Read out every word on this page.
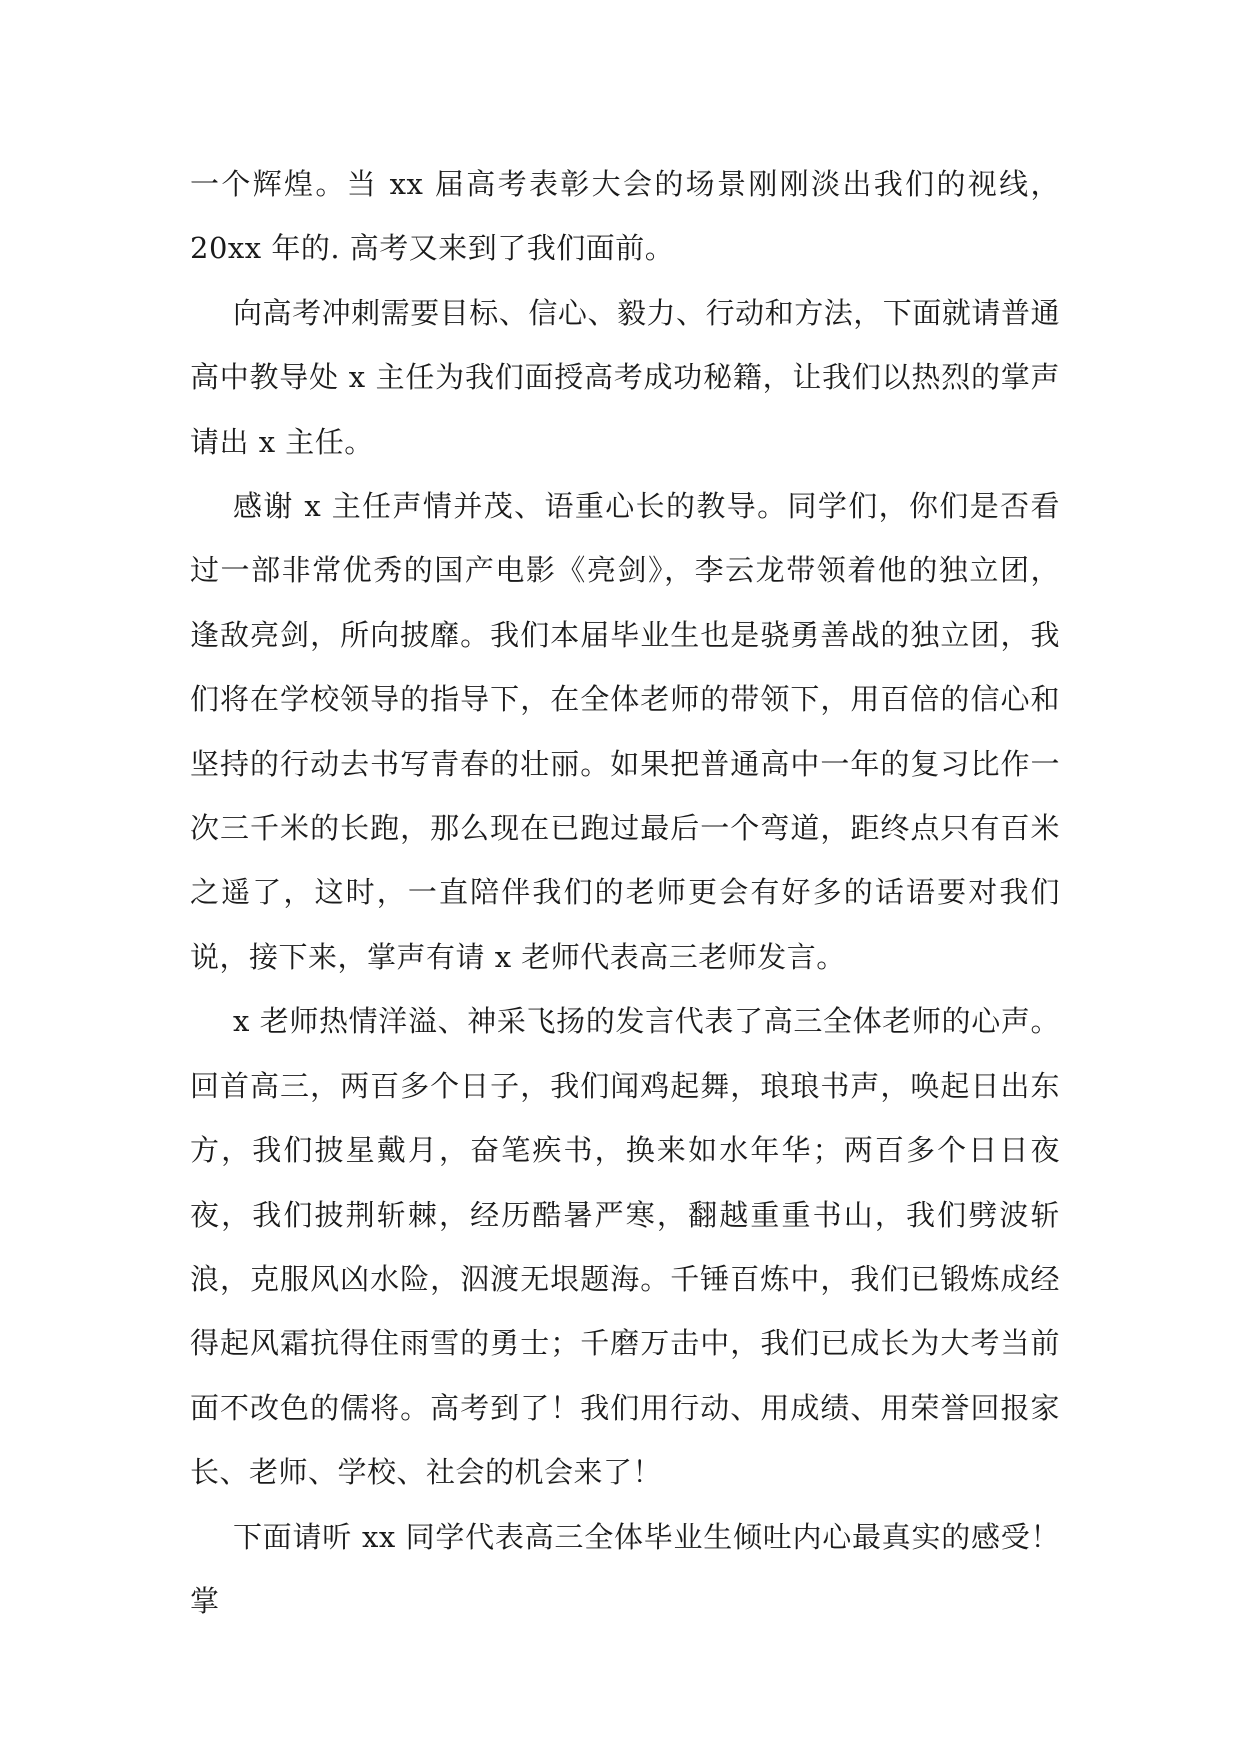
一个辉煌。当 xx 届高考表彰大会的场景刚刚淡出我们的视线，20xx 年的. 高考又来到了我们面前。

向高考冲刺需要目标、信心、毅力、行动和方法，下面就请普通高中教导处 x 主任为我们面授高考成功秘籍，让我们以热烈的掌声请出 x 主任。

感谢 x 主任声情并茂、语重心长的教导。同学们，你们是否看过一部非常优秀的国产电影《亮剑》，李云龙带领着他的独立团，逢敌亮剑，所向披靡。我们本届毕业生也是骁勇善战的独立团，我们将在学校领导的指导下，在全体老师的带领下，用百倍的信心和坚持的行动去书写青春的壮丽。如果把普通高中一年的复习比作一次三千米的长跑，那么现在已跑过最后一个弯道，距终点只有百米之遥了，这时，一直陪伴我们的老师更会有好多的话语要对我们说，接下来，掌声有请 x 老师代表高三老师发言。

x 老师热情洋溢、神采飞扬的发言代表了高三全体老师的心声。回首高三，两百多个日子，我们闻鸡起舞，琅琅书声，唤起日出东方，我们披星戴月，奋笔疾书，换来如水年华；两百多个日日夜夜，我们披荆斩棘，经历酷暑严寒，翻越重重书山，我们劈波斩浪，克服风凶水险，泅渡无垠题海。千锤百炼中，我们已锻炼成经得起风霜抗得住雨雪的勇士；千磨万击中，我们已成长为大考当前面不改色的儒将。高考到了！我们用行动、用成绩、用荣誉回报家长、老师、学校、社会的机会来了！

下面请听 xx 同学代表高三全体毕业生倾吐内心最真实的感受！掌
